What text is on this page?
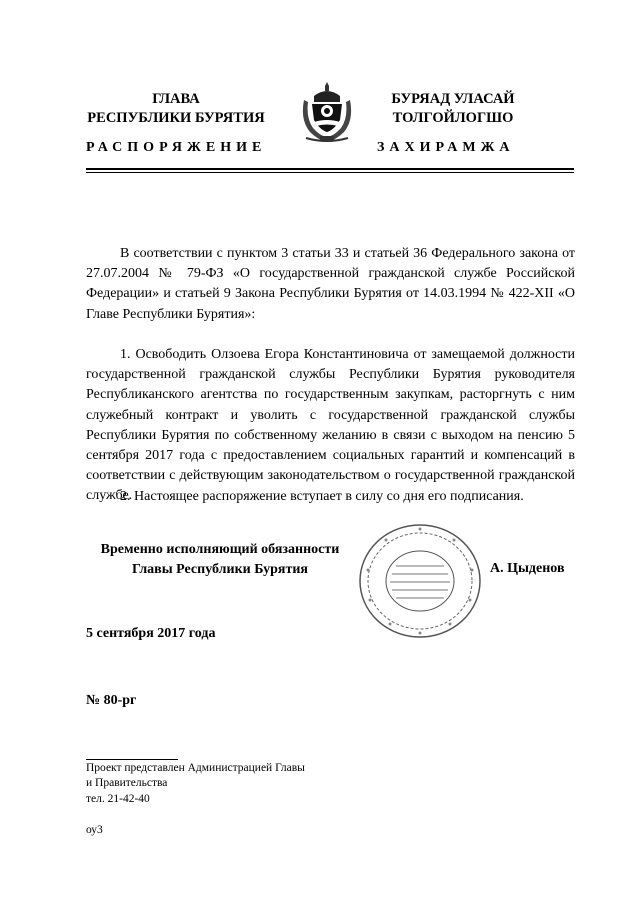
ГЛАВА
РЕСПУБЛИКИ БУРЯТИЯ
БУРЯАД УЛАСАЙ
ТОЛГОЙЛОГШО
РАСПОРЯЖЕНИЕ	ЗАХИРАМЖА
В соответствии с пунктом 3 статьи 33 и статьей 36 Федерального закона от 27.07.2004 № 79-ФЗ «О государственной гражданской службе Российской Федерации» и статьей 9 Закона Республики Бурятия от 14.03.1994 № 422-XII «О Главе Республики Бурятия»:
1. Освободить Олзоева Егора Константиновича от замещаемой должности государственной гражданской службы Республики Бурятия руководителя Республиканского агентства по государственным закупкам, расторгнуть с ним служебный контракт и уволить с государственной гражданской службы Республики Бурятия по собственному желанию в связи с выходом на пенсию 5 сентября 2017 года с предоставлением социальных гарантий и компенсаций в соответствии с действующим законодательством о государственной гражданской службе.
2. Настоящее распоряжение вступает в силу со дня его подписания.
Временно исполняющий обязанности
Главы Республики Бурятия	А. Цыденов
5 сентября 2017 года
№ 80-рг
Проект представлен Администрацией Главы
и Правительства
тел. 21-42-40
оу3
